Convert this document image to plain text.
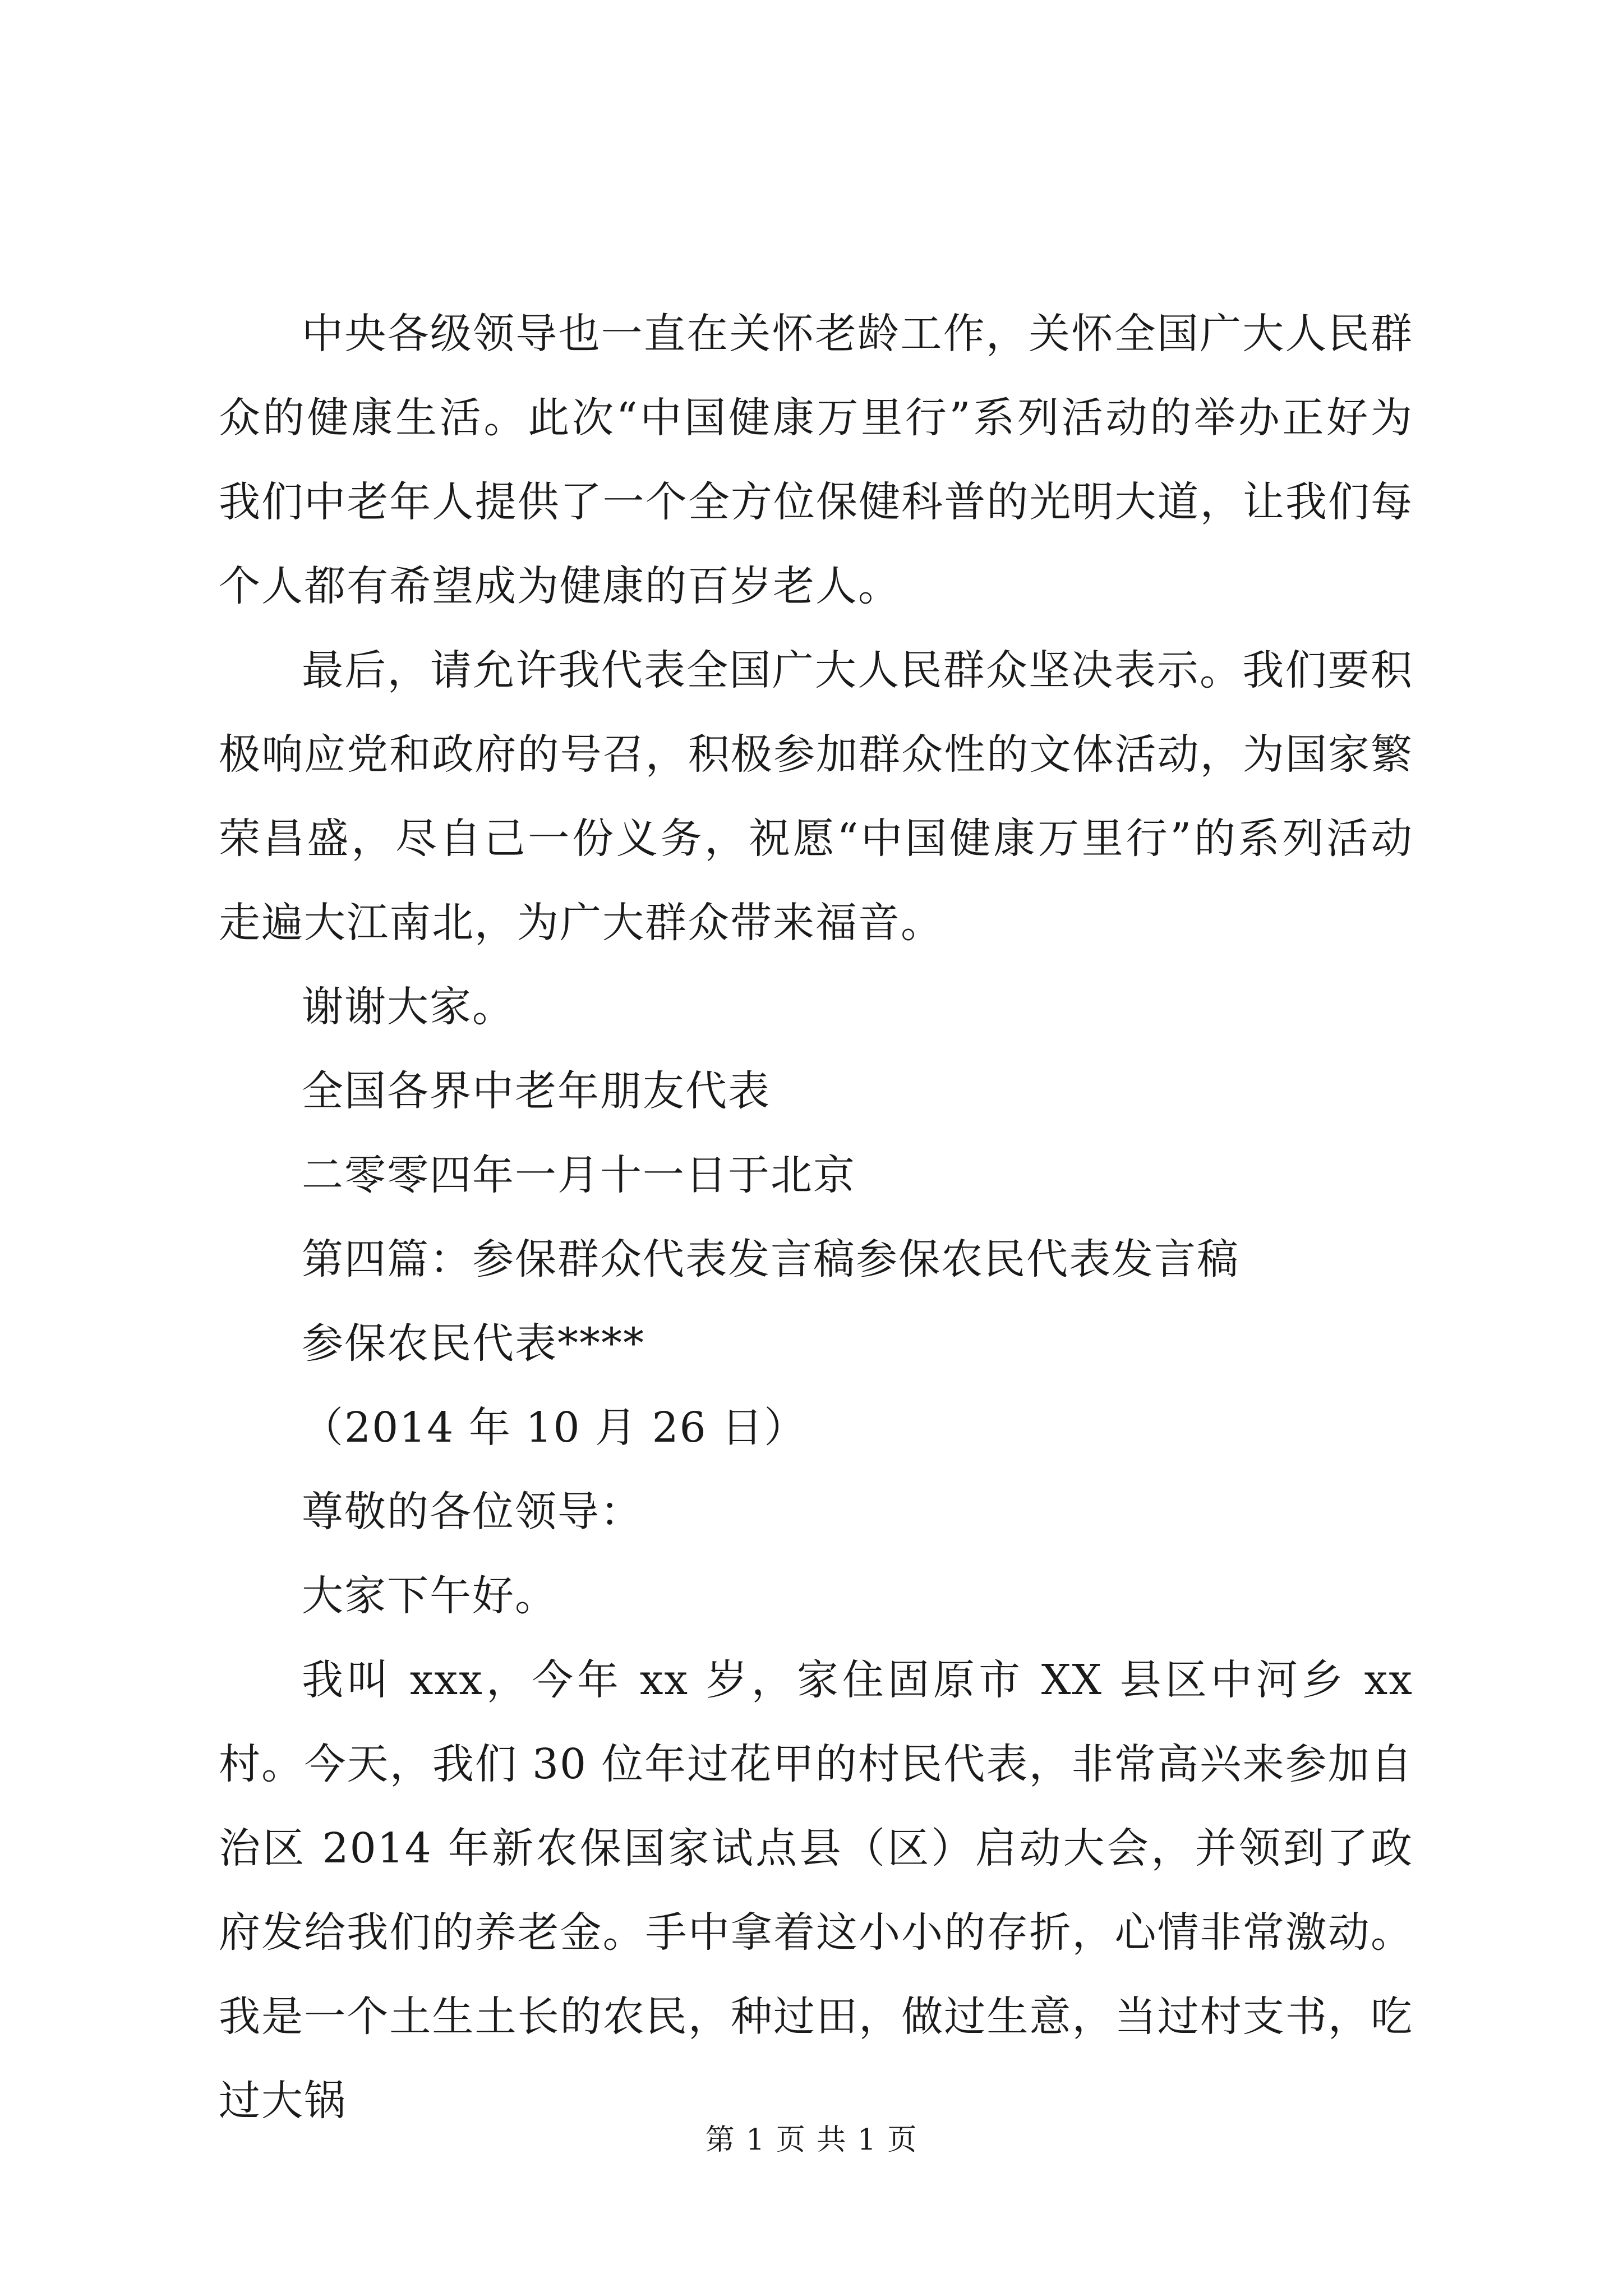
中央各级领导也一直在关怀老龄工作，关怀全国广大人民群众的健康生活。此次“中国健康万里行”系列活动的举办正好为我们中老年人提供了一个全方位保健科普的光明大道，让我们每个人都有希望成为健康的百岁老人。

最后，请允许我代表全国广大人民群众坚决表示。我们要积极响应党和政府的号召，积极参加群众性的文体活动，为国家繁荣昌盛，尽自己一份义务，祝愿“中国健康万里行”的系列活动走遍大江南北，为广大群众带来福音。

谢谢大家。

全国各界中老年朋友代表

二零零四年一月十一日于北京

第四篇：参保群众代表发言稿参保农民代表发言稿

参保农民代表****

（2014 年 10 月 26 日）

尊敬的各位领导：

大家下午好。

我叫 xxx，今年 xx 岁，家住固原市 XX 县区中河乡 xx 村。今天，我们 30 位年过花甲的村民代表，非常高兴来参加自治区 2014 年新农保国家试点县（区）启动大会，并领到了政府发给我们的养老金。手中拿着这小小的存折，心情非常激动。我是一个土生土长的农民，种过田，做过生意，当过村支书，吃过大锅

第 1 页 共 1 页
